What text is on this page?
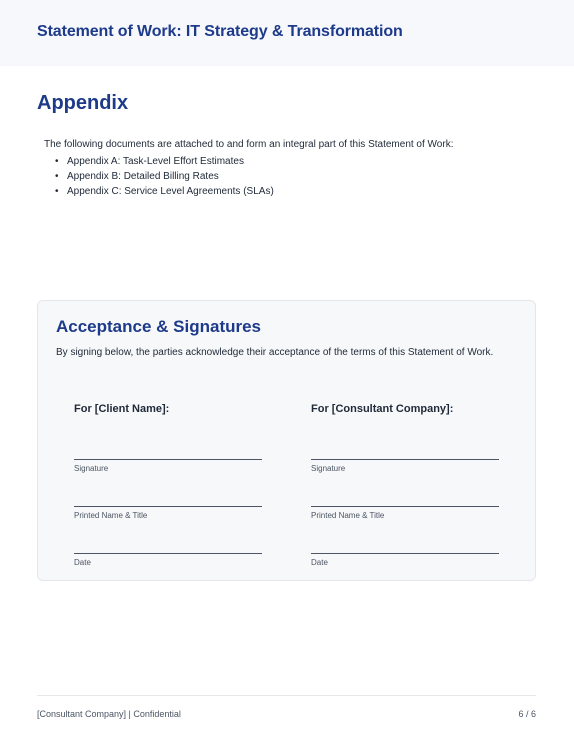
Statement of Work: IT Strategy & Transformation
Appendix

The following documents are attached to and form an integral part of this Statement of Work:

• Appendix A: Task-Level Effort Estimates
• Appendix B: Detailed Billing Rates
• Appendix C: Service Level Agreements (SLAs)
Acceptance & Signatures

By signing below, the parties acknowledge their acceptance of the terms of this Statement of Work.

For [Client Name]:
Signature
Printed Name & Title
Date
For [Consultant Company]:
Signature
Printed Name & Title
Date
[Consultant Company] | Confidential	6 / 6
